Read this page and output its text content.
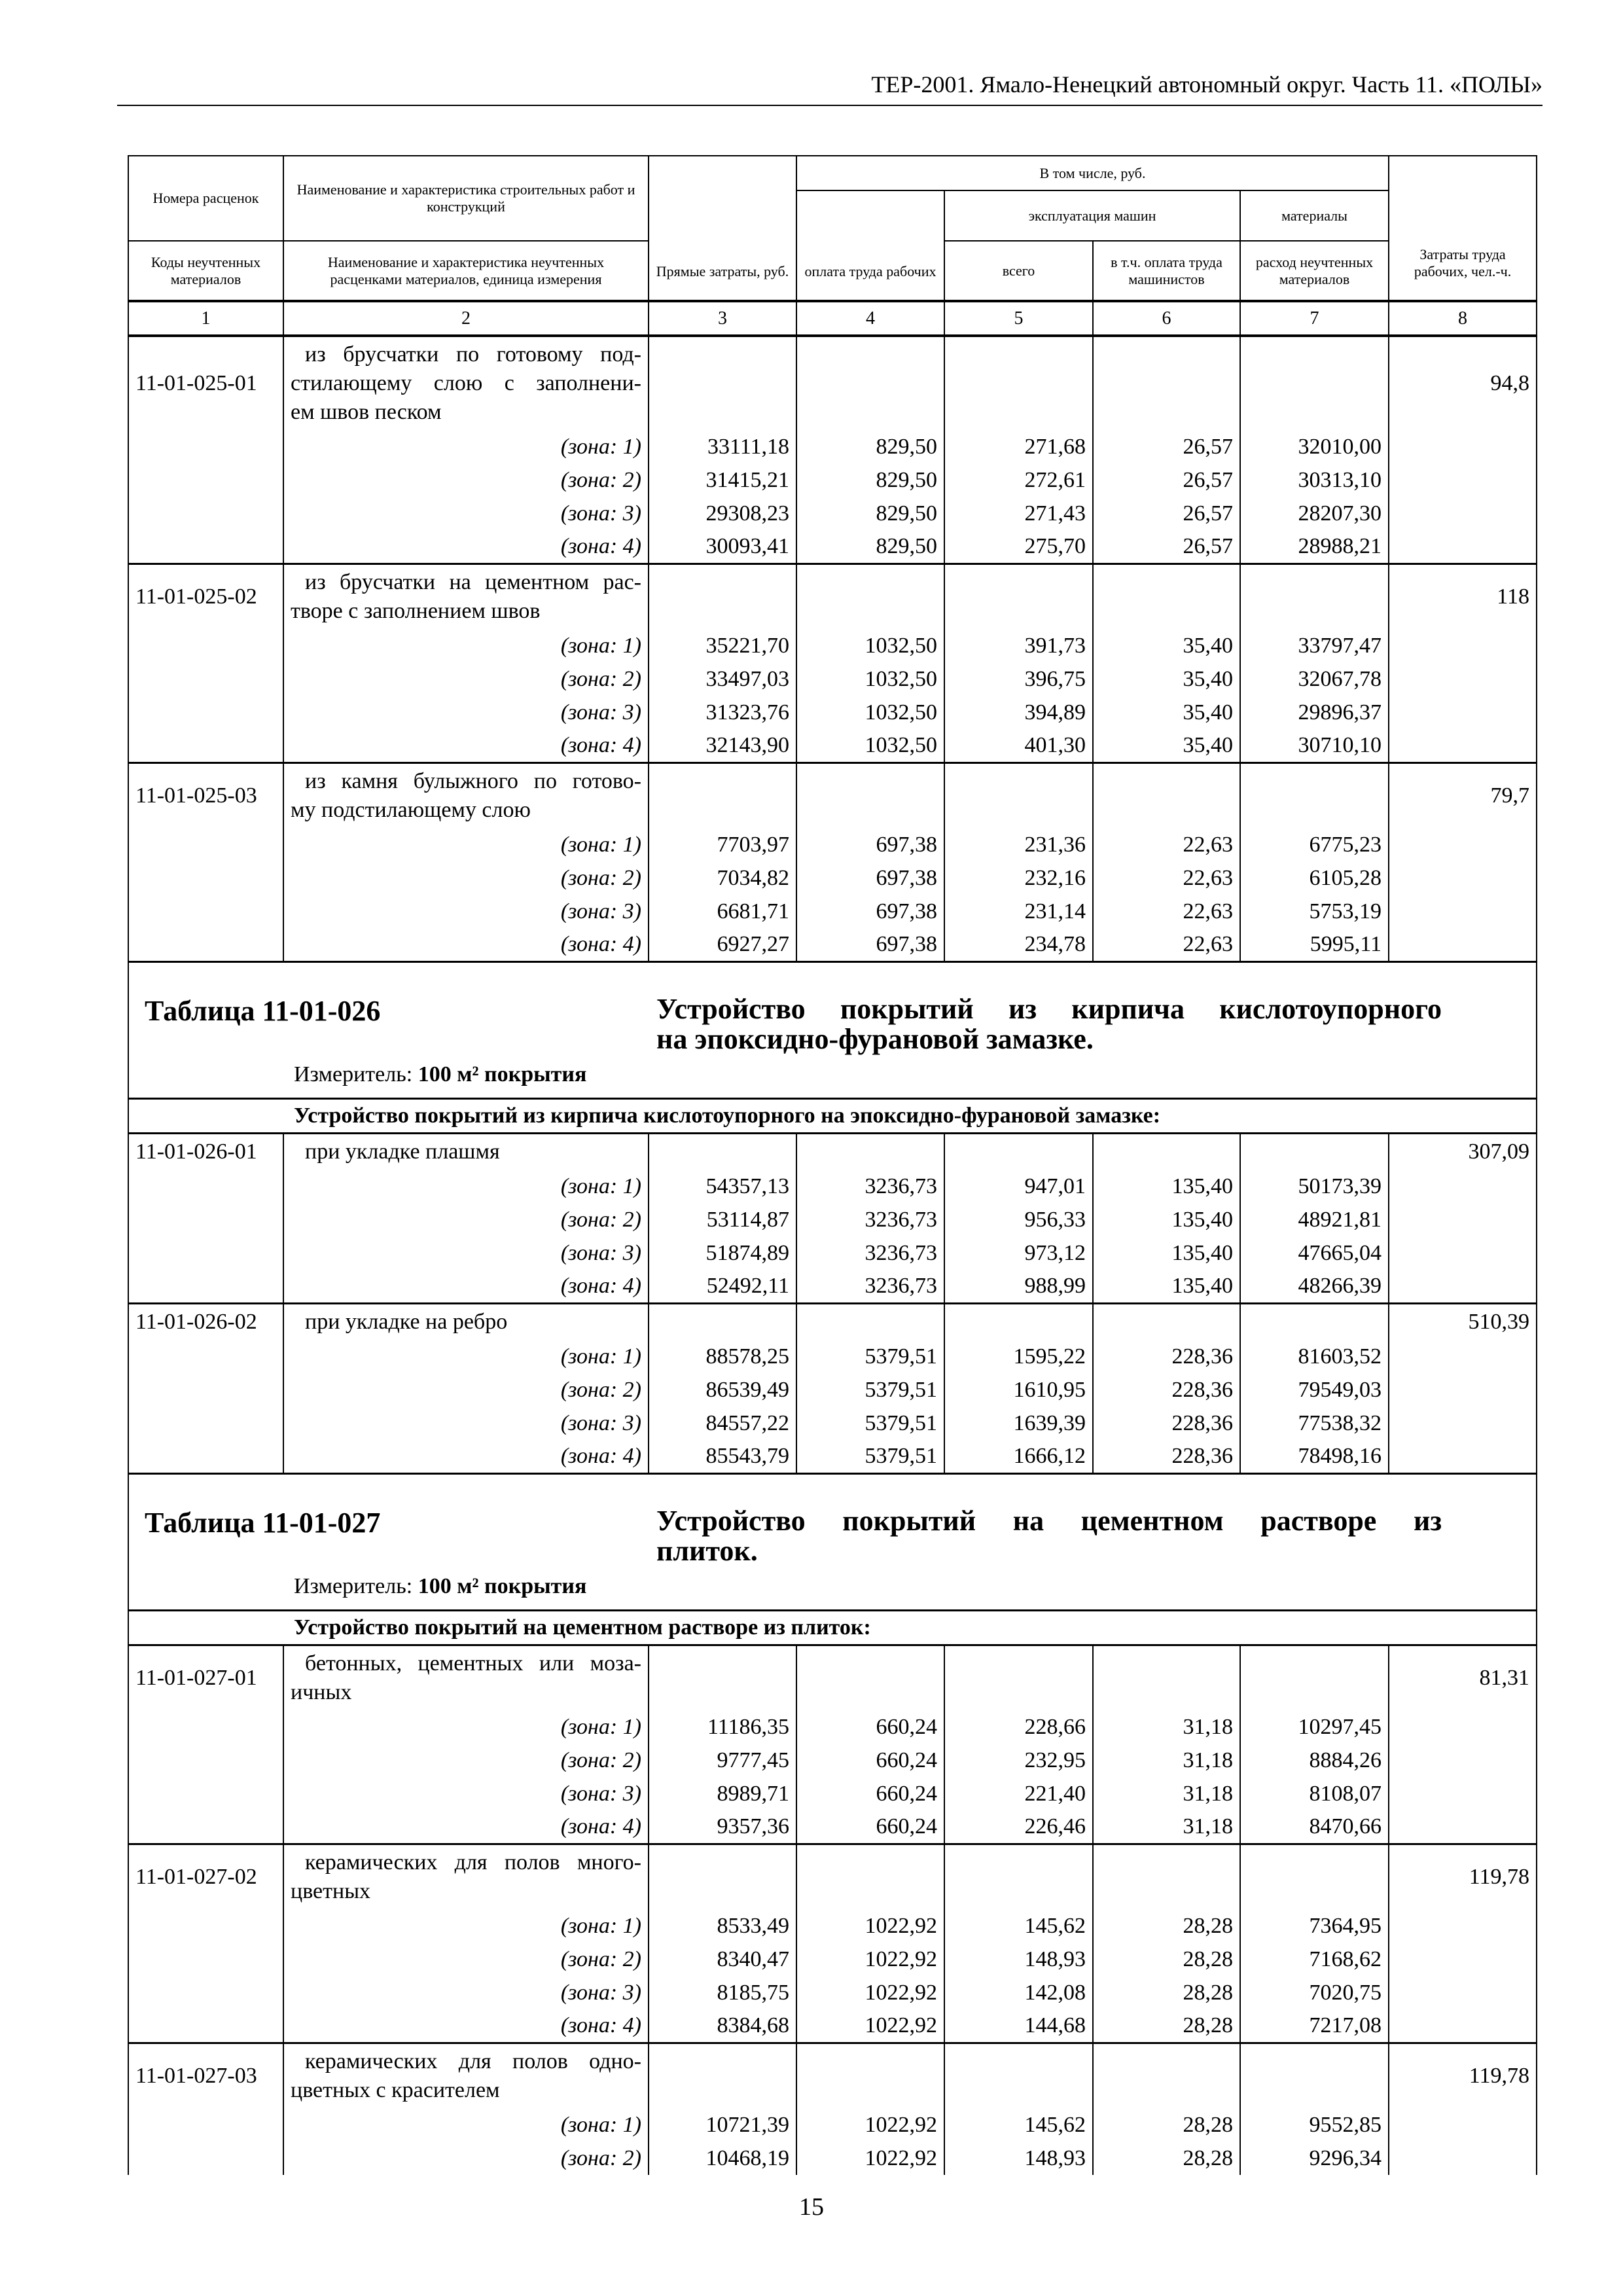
ТЕР-2001. Ямало-Ненецкий автономный округ. Часть 11. «ПОЛЫ»
Номера расценок	Наименование и характеристика строительных работ и конструкций	Прямые затраты, руб.	В том числе, руб.				Затраты труда рабочих, чел.-ч.
			оплата труда рабочих	эксплуатация машин		материалы	
Коды неучтенных материалов	Наименование и характеристика неучтенных расценками материалов, единица измерения			всего	в т.ч. оплата труда машинистов	расход неучтенных материалов	
1	2	3	4	5	6	7	8
11-01-025-01	из брусчатки по готовому под-
стилающему слою с заполнени-
ем швов песком						94,8
	(зона: 1)	33111,18	829,50	271,68	26,57	32010,00	
	(зона: 2)	31415,21	829,50	272,61	26,57	30313,10	
	(зона: 3)	29308,23	829,50	271,43	26,57	28207,30	
	(зона: 4)	30093,41	829,50	275,70	26,57	28988,21	
11-01-025-02	из брусчатки на цементном рас-
творе с заполнением швов						118
	(зона: 1)	35221,70	1032,50	391,73	35,40	33797,47	
	(зона: 2)	33497,03	1032,50	396,75	35,40	32067,78	
	(зона: 3)	31323,76	1032,50	394,89	35,40	29896,37	
	(зона: 4)	32143,90	1032,50	401,30	35,40	30710,10	
11-01-025-03	из камня булыжного по готово-
му подстилающему слою						79,7
	(зона: 1)	7703,97	697,38	231,36	22,63	6775,23	
	(зона: 2)	7034,82	697,38	232,16	22,63	6105,28	
	(зона: 3)	6681,71	697,38	231,14	22,63	5753,19	
	(зона: 4)	6927,27	697,38	234,78	22,63	5995,11	

Таблица 11-01-026 Устройство покрытий из кирпича кислотоупорного
на эпоксидно-фурановой замазке.
Измеритель: 100 м² покрытия							

Устройство покрытий из кирпича кислотоупорного на эпоксидно-фурановой замазке:							
11-01-026-01	при укладке плашмя						307,09
	(зона: 1)	54357,13	3236,73	947,01	135,40	50173,39	
	(зона: 2)	53114,87	3236,73	956,33	135,40	48921,81	
	(зона: 3)	51874,89	3236,73	973,12	135,40	47665,04	
	(зона: 4)	52492,11	3236,73	988,99	135,40	48266,39	
11-01-026-02	при укладке на ребро						510,39
	(зона: 1)	88578,25	5379,51	1595,22	228,36	81603,52	
	(зона: 2)	86539,49	5379,51	1610,95	228,36	79549,03	
	(зона: 3)	84557,22	5379,51	1639,39	228,36	77538,32	
	(зона: 4)	85543,79	5379,51	1666,12	228,36	78498,16	

Таблица 11-01-027 Устройство покрытий на цементном растворе из
плиток.
Измеритель: 100 м² покрытия							

Устройство покрытий на цементном растворе из плиток:							
11-01-027-01	бетонных, цементных или моза-
ичных						81,31
	(зона: 1)	11186,35	660,24	228,66	31,18	10297,45	
	(зона: 2)	9777,45	660,24	232,95	31,18	8884,26	
	(зона: 3)	8989,71	660,24	221,40	31,18	8108,07	
	(зона: 4)	9357,36	660,24	226,46	31,18	8470,66	
11-01-027-02	керамических для полов много-
цветных						119,78
	(зона: 1)	8533,49	1022,92	145,62	28,28	7364,95	
	(зона: 2)	8340,47	1022,92	148,93	28,28	7168,62	
	(зона: 3)	8185,75	1022,92	142,08	28,28	7020,75	
	(зона: 4)	8384,68	1022,92	144,68	28,28	7217,08	
11-01-027-03	керамических для полов одно-
цветных с красителем						119,78
	(зона: 1)	10721,39	1022,92	145,62	28,28	9552,85	
	(зона: 2)	10468,19	1022,92	148,93	28,28	9296,34	
15
